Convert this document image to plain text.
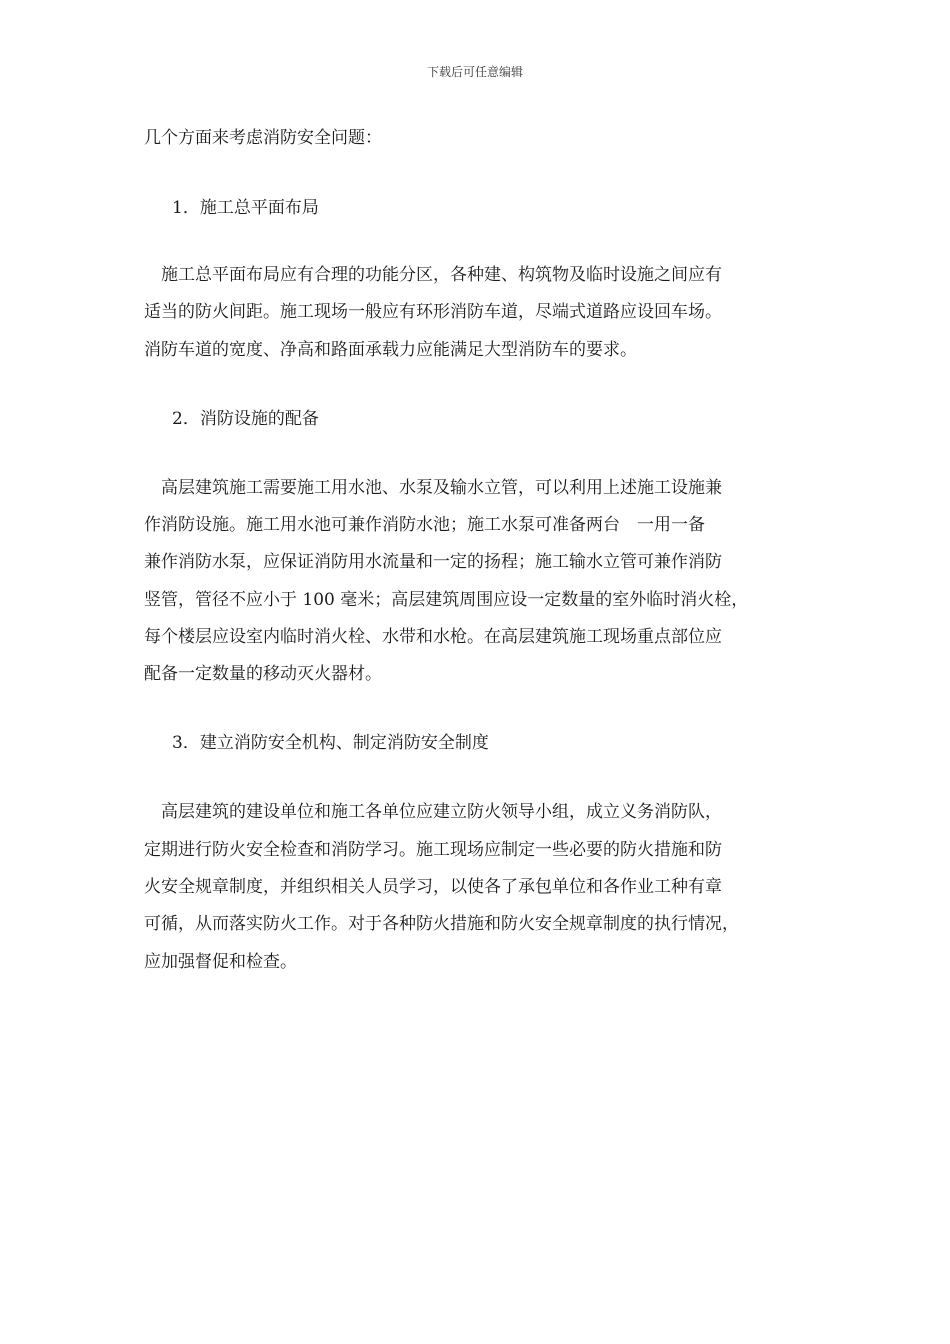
下载后可任意编辑
几个方面来考虑消防安全问题：
1．施工总平面布局
　施工总平面布局应有合理的功能分区，各种建、构筑物及临时设施之间应有
适当的防火间距。施工现场一般应有环形消防车道，尽端式道路应设回车场。
消防车道的宽度、净高和路面承载力应能满足大型消防车的要求。
2．消防设施的配备
　高层建筑施工需要施工用水池、水泵及输水立管，可以利用上述施工设施兼
作消防设施。施工用水池可兼作消防水池；施工水泵可准备两台　一用一备
兼作消防水泵，应保证消防用水流量和一定的扬程；施工输水立管可兼作消防
竖管，管径不应小于 100 毫米；高层建筑周围应设一定数量的室外临时消火栓，
每个楼层应设室内临时消火栓、水带和水枪。在高层建筑施工现场重点部位应
配备一定数量的移动灭火器材。
3．建立消防安全机构、制定消防安全制度
　高层建筑的建设单位和施工各单位应建立防火领导小组，成立义务消防队，
定期进行防火安全检查和消防学习。施工现场应制定一些必要的防火措施和防
火安全规章制度，并组织相关人员学习，以使各了承包单位和各作业工种有章
可循，从而落实防火工作。对于各种防火措施和防火安全规章制度的执行情况，
应加强督促和检查。
